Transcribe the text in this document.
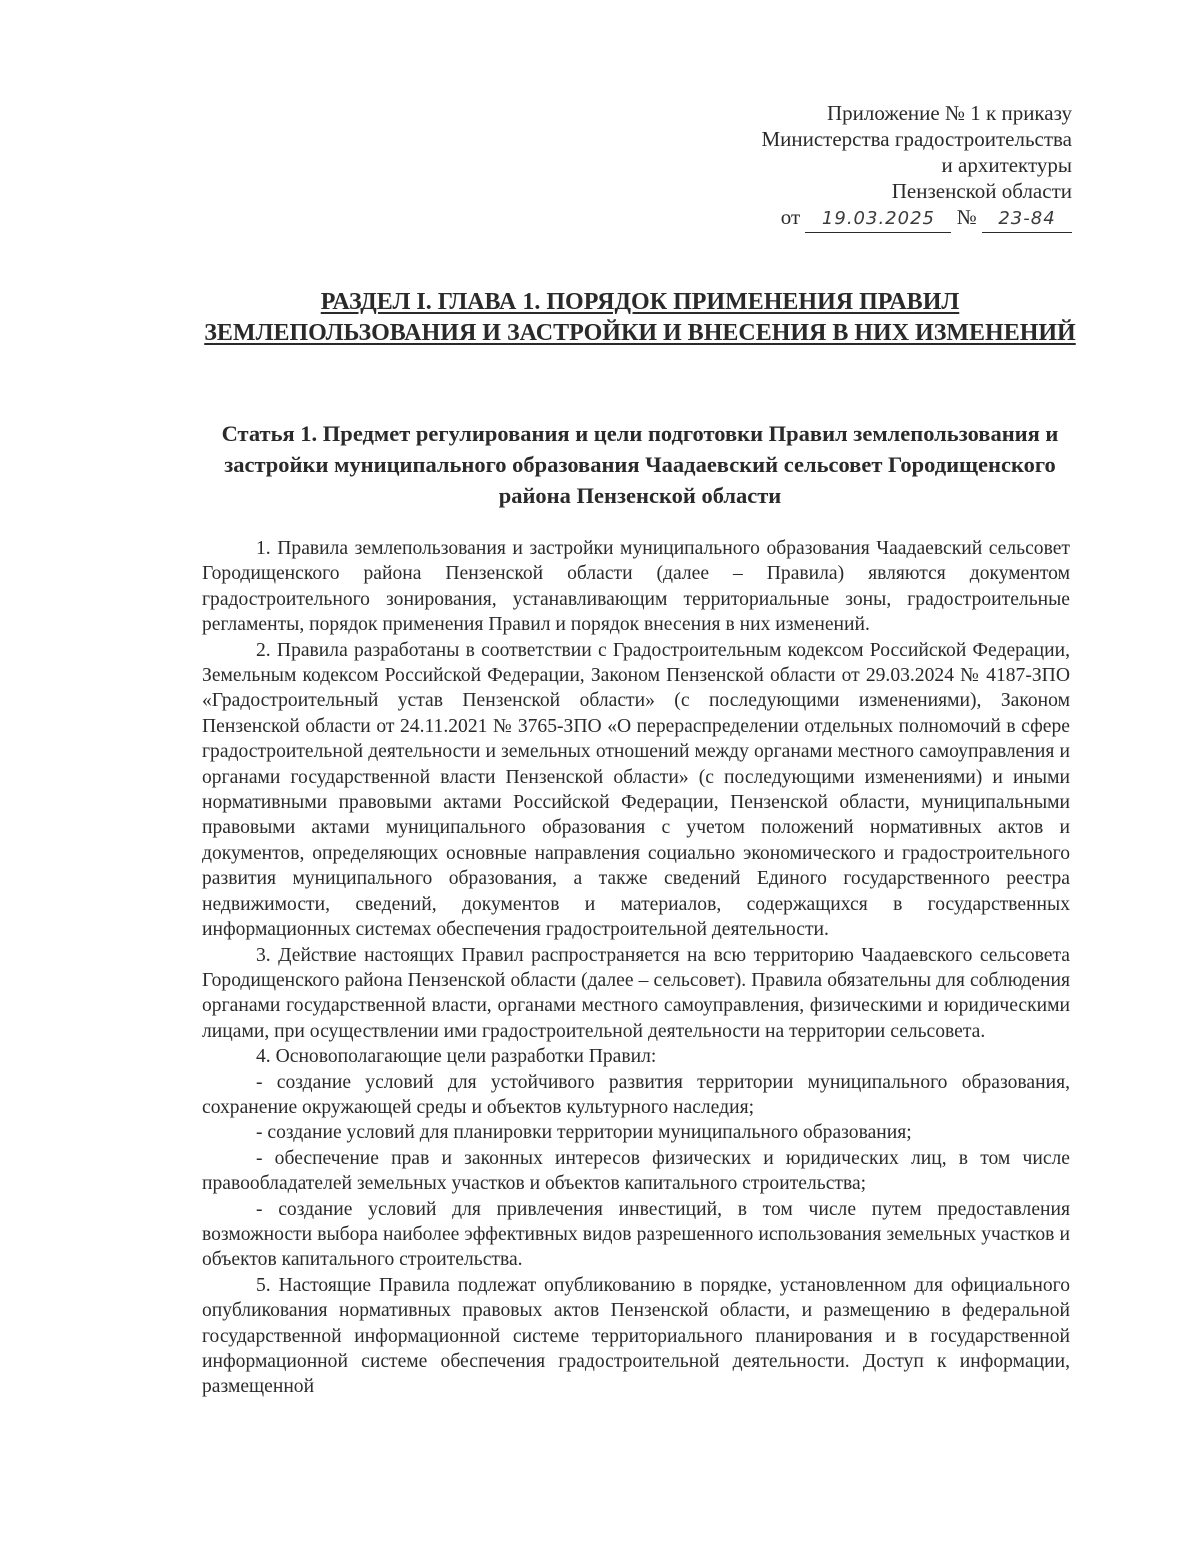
Приложение № 1 к приказу
Министерства градостроительства
и архитектуры
Пензенской области
от 19.03.2025 № 23-84
РАЗДЕЛ I. ГЛАВА 1. ПОРЯДОК ПРИМЕНЕНИЯ ПРАВИЛ ЗЕМЛЕПОЛЬЗОВАНИЯ И ЗАСТРОЙКИ И ВНЕСЕНИЯ В НИХ ИЗМЕНЕНИЙ
Статья 1. Предмет регулирования и цели подготовки Правил землепользования и застройки муниципального образования Чаадаевский сельсовет Городищенского района Пензенской области

1. Правила землепользования и застройки муниципального образования Чаадаевский сельсовет Городищенского района Пензенской области (далее – Правила) являются документом градостроительного зонирования, устанавливающим территориальные зоны, градостроительные регламенты, порядок применения Правил и порядок внесения в них изменений.

2. Правила разработаны в соответствии с Градостроительным кодексом Российской Федерации, Земельным кодексом Российской Федерации, Законом Пензенской области от 29.03.2024 № 4187-ЗПО «Градостроительный устав Пензенской области» (с последующими изменениями), Законом Пензенской области от 24.11.2021 № 3765-ЗПО «О перераспределении отдельных полномочий в сфере градостроительной деятельности и земельных отношений между органами местного самоуправления и органами государственной власти Пензенской области» (с последующими изменениями) и иными нормативными правовыми актами Российской Федерации, Пензенской области, муниципальными правовыми актами муниципального образования с учетом положений нормативных актов и документов, определяющих основные направления социально экономического и градостроительного развития муниципального образования, а также сведений Единого государственного реестра недвижимости, сведений, документов и материалов, содержащихся в государственных информационных системах обеспечения градостроительной деятельности.

3. Действие настоящих Правил распространяется на всю территорию Чаадаевского сельсовета Городищенского района Пензенской области (далее – сельсовет). Правила обязательны для соблюдения органами государственной власти, органами местного самоуправления, физическими и юридическими лицами, при осуществлении ими градостроительной деятельности на территории сельсовета.

4. Основополагающие цели разработки Правил:

- создание условий для устойчивого развития территории муниципального образования, сохранение окружающей среды и объектов культурного наследия;

- создание условий для планировки территории муниципального образования;

- обеспечение прав и законных интересов физических и юридических лиц, в том числе правообладателей земельных участков и объектов капитального строительства;

- создание условий для привлечения инвестиций, в том числе путем предоставления возможности выбора наиболее эффективных видов разрешенного использования земельных участков и объектов капитального строительства.

5. Настоящие Правила подлежат опубликованию в порядке, установленном для официального опубликования нормативных правовых актов Пензенской области, и размещению в федеральной государственной информационной системе территориального планирования и в государственной информационной системе обеспечения градостроительной деятельности. Доступ к информации, размещенной
